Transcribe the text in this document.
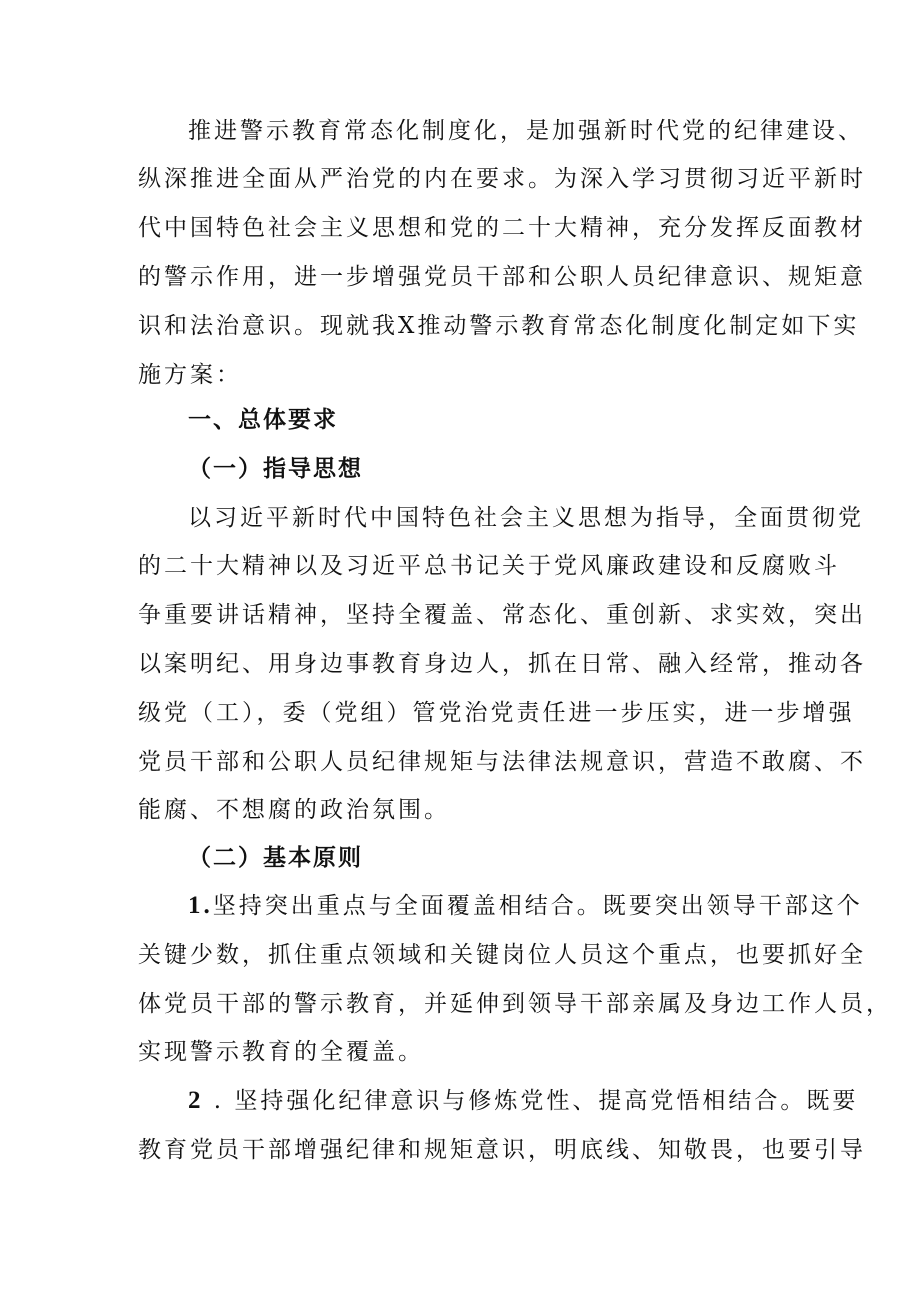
推进警示教育常态化制度化，是加强新时代党的纪律建设、
纵深推进全面从严治党的内在要求。为深入学习贯彻习近平新时
代中国特色社会主义思想和党的二十大精神，充分发挥反面教材
的警示作用，进一步增强党员干部和公职人员纪律意识、规矩意
识和法治意识。现就我X推动警示教育常态化制度化制定如下实
施方案：
一、总体要求
（一）指导思想
以习近平新时代中国特色社会主义思想为指导，全面贯彻党
的二十大精神以及习近平总书记关于党风廉政建设和反腐败斗
争重要讲话精神，坚持全覆盖、常态化、重创新、求实效，突出
以案明纪、用身边事教育身边人，抓在日常、融入经常，推动各
级党（工），委（党组）管党治党责任进一步压实，进一步增强
党员干部和公职人员纪律规矩与法律法规意识，营造不敢腐、不
能腐、不想腐的政治氛围。
（二）基本原则
1.坚持突出重点与全面覆盖相结合。既要突出领导干部这个
关键少数，抓住重点领域和关键岗位人员这个重点，也要抓好全
体党员干部的警示教育，并延伸到领导干部亲属及身边工作人员，
实现警示教育的全覆盖。
2 . 坚持强化纪律意识与修炼党性、提高党悟相结合。既要
教育党员干部增强纪律和规矩意识，明底线、知敬畏，也要引导
